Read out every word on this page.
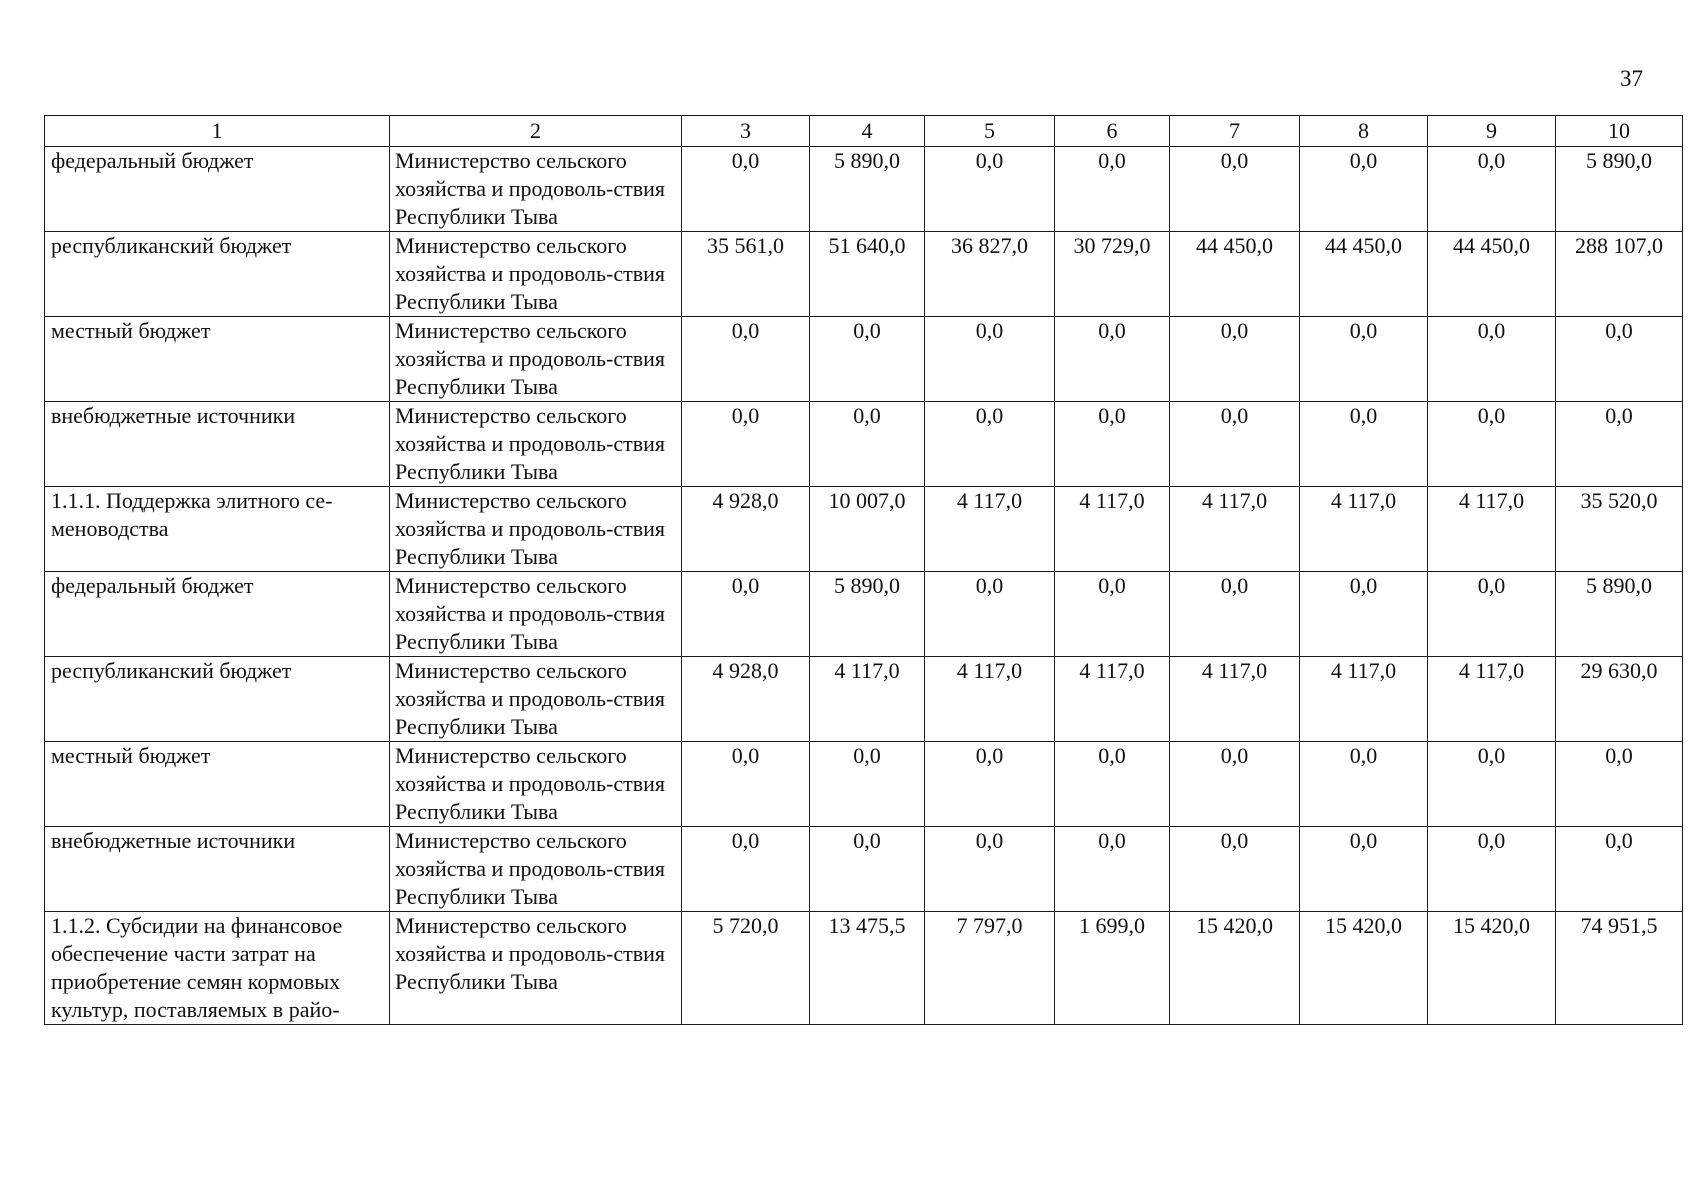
37
1	2	3	4	5	6	7	8	9	10
федеральный бюджет	Министерство сельского хозяйства и продоволь-ствия Республики Тыва	0,0	5 890,0	0,0	0,0	0,0	0,0	0,0	5 890,0
республиканский бюджет	Министерство сельского хозяйства и продоволь-ствия Республики Тыва	35 561,0	51 640,0	36 827,0	30 729,0	44 450,0	44 450,0	44 450,0	288 107,0
местный бюджет	Министерство сельского хозяйства и продоволь-ствия Республики Тыва	0,0	0,0	0,0	0,0	0,0	0,0	0,0	0,0
внебюджетные источники	Министерство сельского хозяйства и продоволь-ствия Республики Тыва	0,0	0,0	0,0	0,0	0,0	0,0	0,0	0,0
1.1.1. Поддержка элитного се-меноводства	Министерство сельского хозяйства и продоволь-ствия Республики Тыва	4 928,0	10 007,0	4 117,0	4 117,0	4 117,0	4 117,0	4 117,0	35 520,0
федеральный бюджет	Министерство сельского хозяйства и продоволь-ствия Республики Тыва	0,0	5 890,0	0,0	0,0	0,0	0,0	0,0	5 890,0
республиканский бюджет	Министерство сельского хозяйства и продоволь-ствия Республики Тыва	4 928,0	4 117,0	4 117,0	4 117,0	4 117,0	4 117,0	4 117,0	29 630,0
местный бюджет	Министерство сельского хозяйства и продоволь-ствия Республики Тыва	0,0	0,0	0,0	0,0	0,0	0,0	0,0	0,0
внебюджетные источники	Министерство сельского хозяйства и продоволь-ствия Республики Тыва	0,0	0,0	0,0	0,0	0,0	0,0	0,0	0,0
1.1.2. Субсидии на финансовое обеспечение части затрат на приобретение семян кормовых культур, поставляемых в райо-	Министерство сельского хозяйства и продоволь-ствия Республики Тыва	5 720,0	13 475,5	7 797,0	1 699,0	15 420,0	15 420,0	15 420,0	74 951,5
